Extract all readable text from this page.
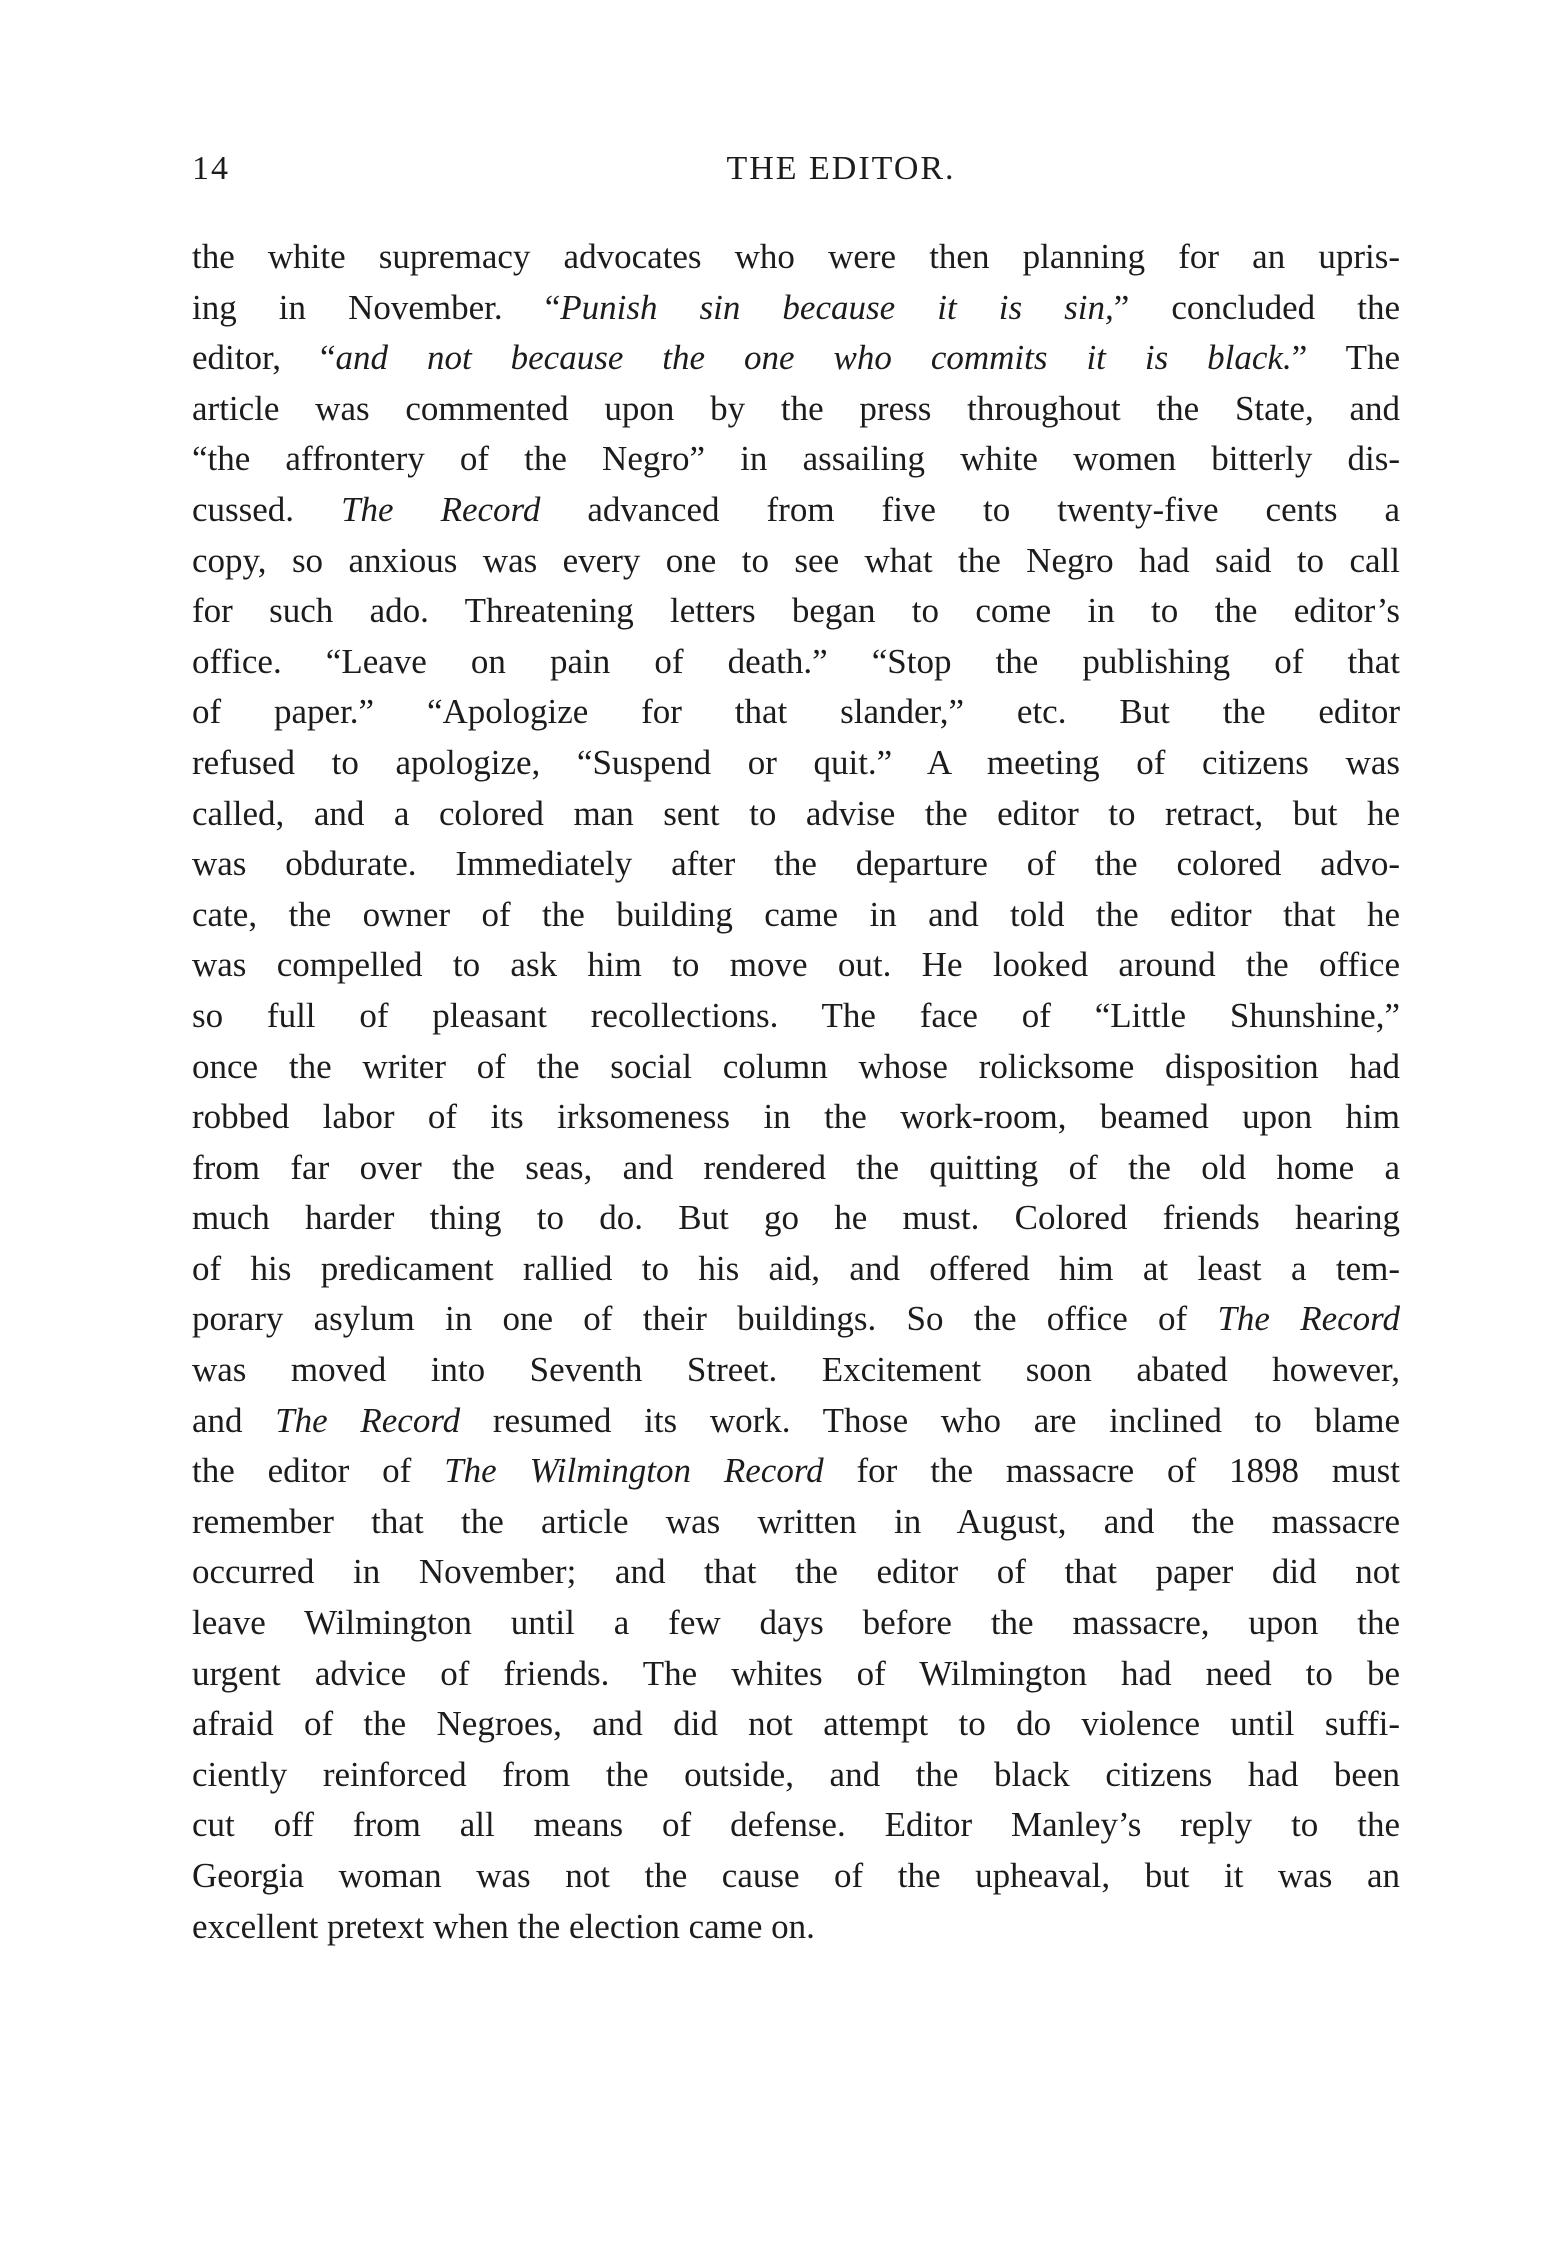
14	THE EDITOR.
the white supremacy advocates who were then planning for an upris-
ing in November. “Punish sin because it is sin,” concluded the
editor, “and not because the one who commits it is black.” The
article was commented upon by the press throughout the State, and
“the affrontery of the Negro” in assailing white women bitterly dis-
cussed. The Record advanced from five to twenty-five cents a
copy, so anxious was every one to see what the Negro had said to call
for such ado. Threatening letters began to come in to the editor’s
office. “Leave on pain of death.” “Stop the publishing of that
of paper.” “Apologize for that slander,” etc. But the editor
refused to apologize, “Suspend or quit.” A meeting of citizens was
called, and a colored man sent to advise the editor to retract, but he
was obdurate. Immediately after the departure of the colored advo-
cate, the owner of the building came in and told the editor that he
was compelled to ask him to move out. He looked around the office
so full of pleasant recollections. The face of “Little Shunshine,”
once the writer of the social column whose rolicksome disposition had
robbed labor of its irksomeness in the work-room, beamed upon him
from far over the seas, and rendered the quitting of the old home a
much harder thing to do. But go he must. Colored friends hearing
of his predicament rallied to his aid, and offered him at least a tem-
porary asylum in one of their buildings. So the office of The Record
was moved into Seventh Street. Excitement soon abated however,
and The Record resumed its work. Those who are inclined to blame
the editor of The Wilmington Record for the massacre of 1898 must
remember that the article was written in August, and the massacre
occurred in November; and that the editor of that paper did not
leave Wilmington until a few days before the massacre, upon the
urgent advice of friends. The whites of Wilmington had need to be
afraid of the Negroes, and did not attempt to do violence until suffi-
ciently reinforced from the outside, and the black citizens had been
cut off from all means of defense. Editor Manley’s reply to the
Georgia woman was not the cause of the upheaval, but it was an
excellent pretext when the election came on.
